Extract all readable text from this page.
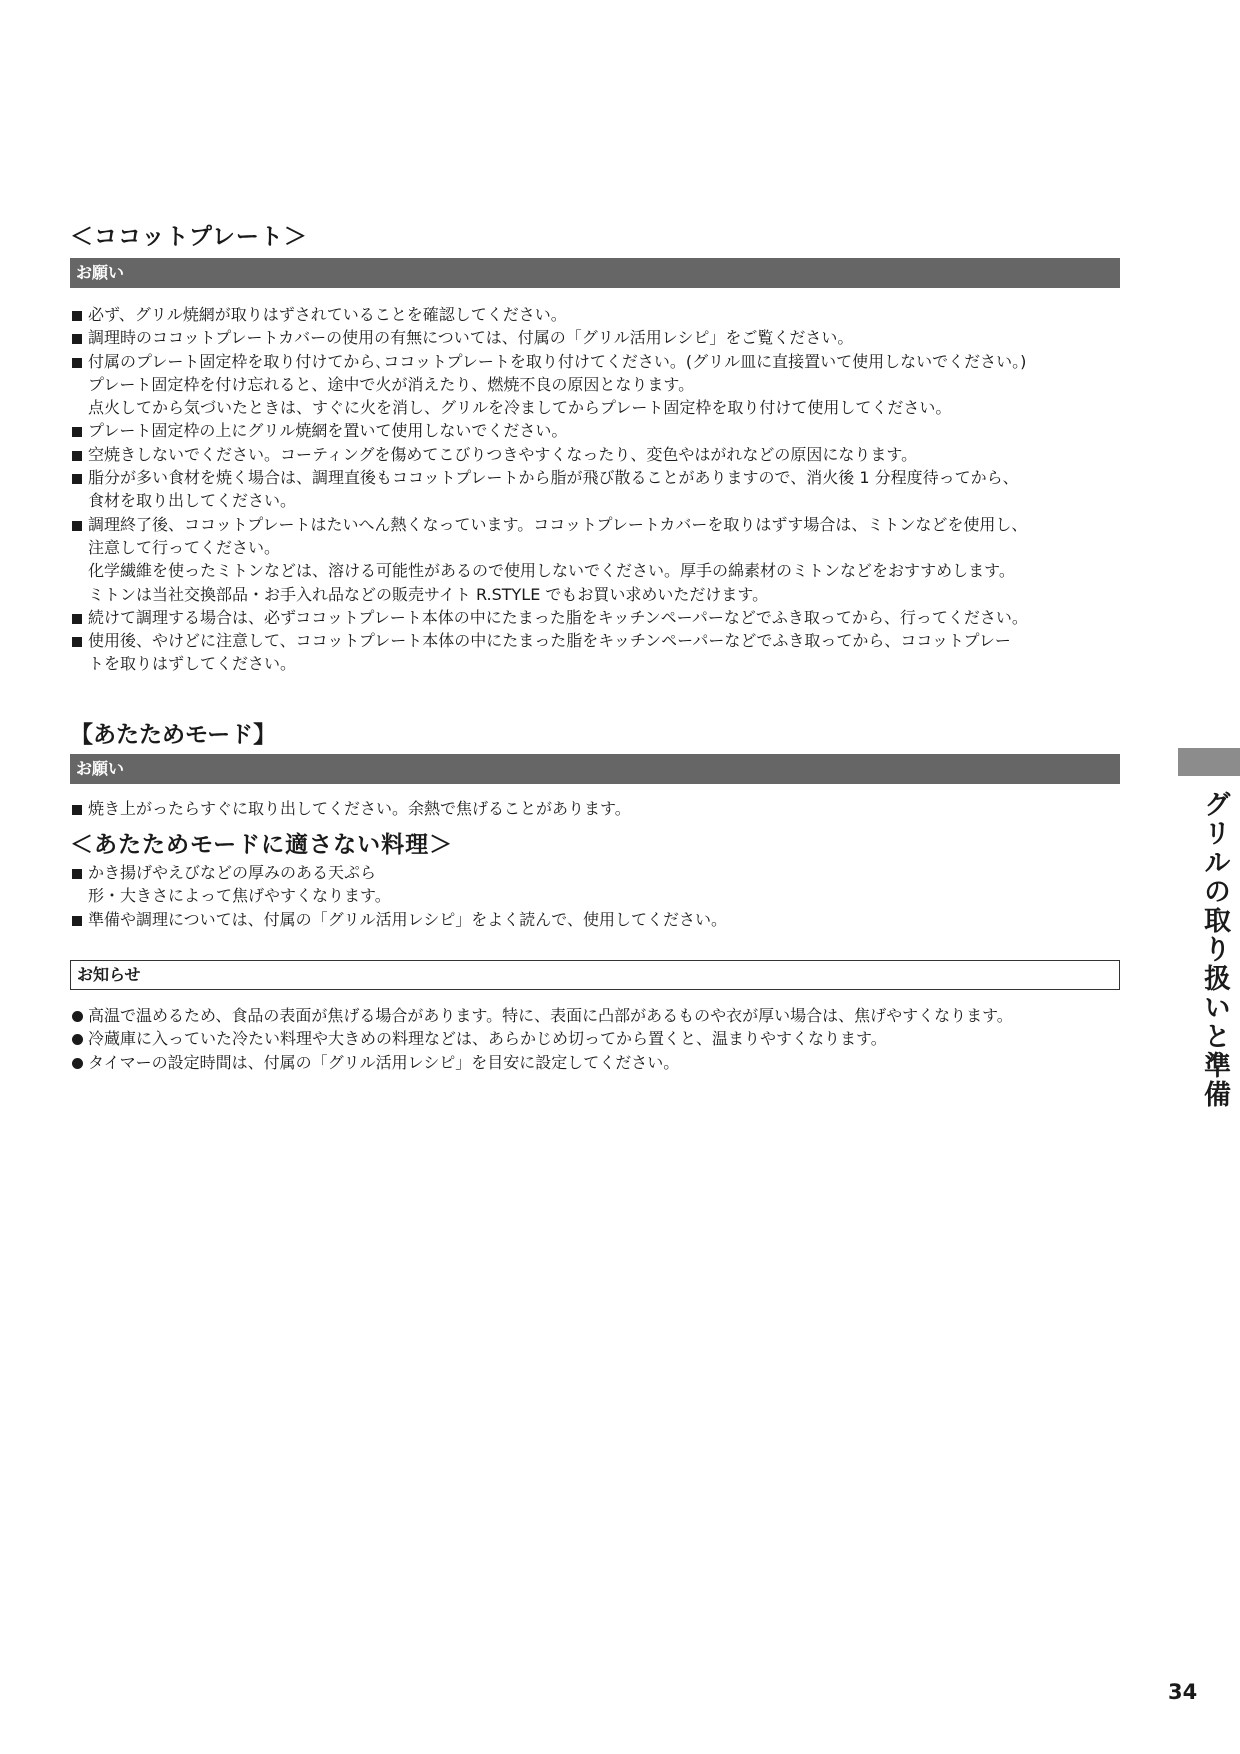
＜ココットプレート＞
お願い
必ず、グリル焼網が取りはずされていることを確認してください。
調理時のココットプレートカバーの使用の有無については、付属の「グリル活用レシピ」をご覧ください。
付属のプレート固定枠を取り付けてから､ココットプレートを取り付けてください。(グリル皿に直接置いて使用しないでください。)
プレート固定枠を付け忘れると、途中で火が消えたり、燃焼不良の原因となります。
点火してから気づいたときは、すぐに火を消し、グリルを冷ましてからプレート固定枠を取り付けて使用してください。
プレート固定枠の上にグリル焼網を置いて使用しないでください。
空焼きしないでください。コーティングを傷めてこびりつきやすくなったり、変色やはがれなどの原因になります。
脂分が多い食材を焼く場合は、調理直後もココットプレートから脂が飛び散ることがありますので、消火後 1 分程度待ってから、
食材を取り出してください。
調理終了後、ココットプレートはたいへん熱くなっています。ココットプレートカバーを取りはずす場合は、ミトンなどを使用し、
注意して行ってください。
化学繊維を使ったミトンなどは、溶ける可能性があるので使用しないでください。厚手の綿素材のミトンなどをおすすめします。
ミトンは当社交換部品・お手入れ品などの販売サイト R.STYLE でもお買い求めいただけます。
続けて調理する場合は、必ずココットプレート本体の中にたまった脂をキッチンペーパーなどでふき取ってから、行ってください。
使用後、やけどに注意して、ココットプレート本体の中にたまった脂をキッチンペーパーなどでふき取ってから、ココットプレー
トを取りはずしてください。
【あたためモード】
お願い
焼き上がったらすぐに取り出してください。余熱で焦げることがあります。
＜あたためモードに適さない料理＞
かき揚げやえびなどの厚みのある天ぷら
形・大きさによって焦げやすくなります。
準備や調理については、付属の「グリル活用レシピ」をよく読んで、使用してください。
お知らせ
高温で温めるため、食品の表面が焦げる場合があります。特に、表面に凸部があるものや衣が厚い場合は、焦げやすくなります。
冷蔵庫に入っていた冷たい料理や大きめの料理などは、あらかじめ切ってから置くと、温まりやすくなります。
タイマーの設定時間は、付属の「グリル活用レシピ」を目安に設定してください。	グリルの取り扱いと準備
34
